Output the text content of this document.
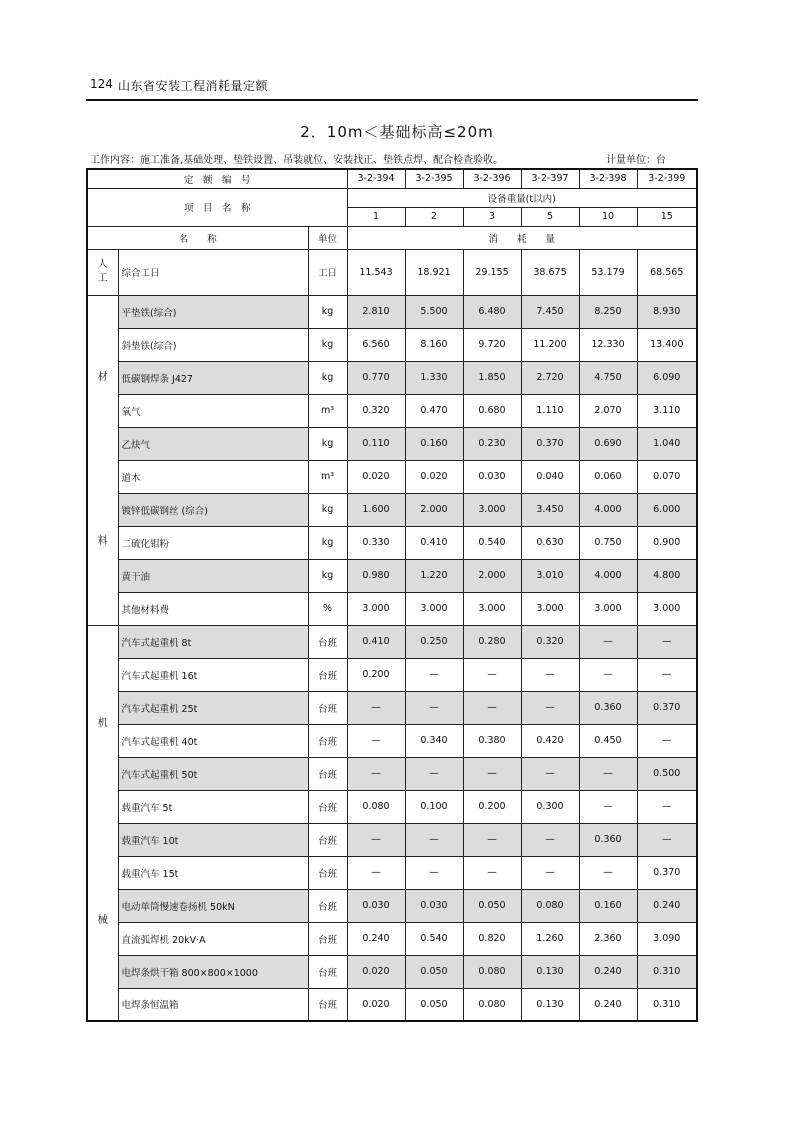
124 山东省安装工程消耗量定额
2．10m＜基础标高≤20m
工作内容：施工准备,基础处理、垫铁设置、吊装就位、安装找正、垫铁点焊、配合检查验收。	计量单位：台
定　额　编　号			3-2-394	3-2-395	3-2-396	3-2-397	3-2-398	3-2-399
项　目　名　称			设备重量(t以内)					
			1	2	3	5	10	15
名　　称		单位	消　　耗　　量					

人
工	综合工日	工日	11.543	18.921	29.155	38.675	53.179	68.565

材
料	平垫铁(综合)	kg	2.810	5.500	6.480	7.450	8.250	8.930
	斜垫铁(综合)	kg	6.560	8.160	9.720	11.200	12.330	13.400
	低碳钢焊条 J427	kg	0.770	1.330	1.850	2.720	4.750	6.090
	氧气	m³	0.320	0.470	0.680	1.110	2.070	3.110
	乙炔气	kg	0.110	0.160	0.230	0.370	0.690	1.040
	道木	m³	0.020	0.020	0.030	0.040	0.060	0.070
	镀锌低碳钢丝 (综合)	kg	1.600	2.000	3.000	3.450	4.000	6.000
	二硫化钼粉	kg	0.330	0.410	0.540	0.630	0.750	0.900
	黄干油	kg	0.980	1.220	2.000	3.010	4.000	4.800
	其他材料费	%	3.000	3.000	3.000	3.000	3.000	3.000

机
械	汽车式起重机 8t	台班	0.410	0.250	0.280	0.320	—	—
	汽车式起重机 16t	台班	0.200	—	—	—	—	—
	汽车式起重机 25t	台班	—	—	—	—	0.360	0.370
	汽车式起重机 40t	台班	—	0.340	0.380	0.420	0.450	—
	汽车式起重机 50t	台班	—	—	—	—	—	0.500
	载重汽车 5t	台班	0.080	0.100	0.200	0.300	—	—
	载重汽车 10t	台班	—	—	—	—	0.360	—
	载重汽车 15t	台班	—	—	—	—	—	0.370
	电动单筒慢速卷扬机 50kN	台班	0.030	0.030	0.050	0.080	0.160	0.240
	直流弧焊机 20kV·A	台班	0.240	0.540	0.820	1.260	2.360	3.090
	电焊条烘干箱 800×800×1000	台班	0.020	0.050	0.080	0.130	0.240	0.310
	电焊条恒温箱	台班	0.020	0.050	0.080	0.130	0.240	0.310
